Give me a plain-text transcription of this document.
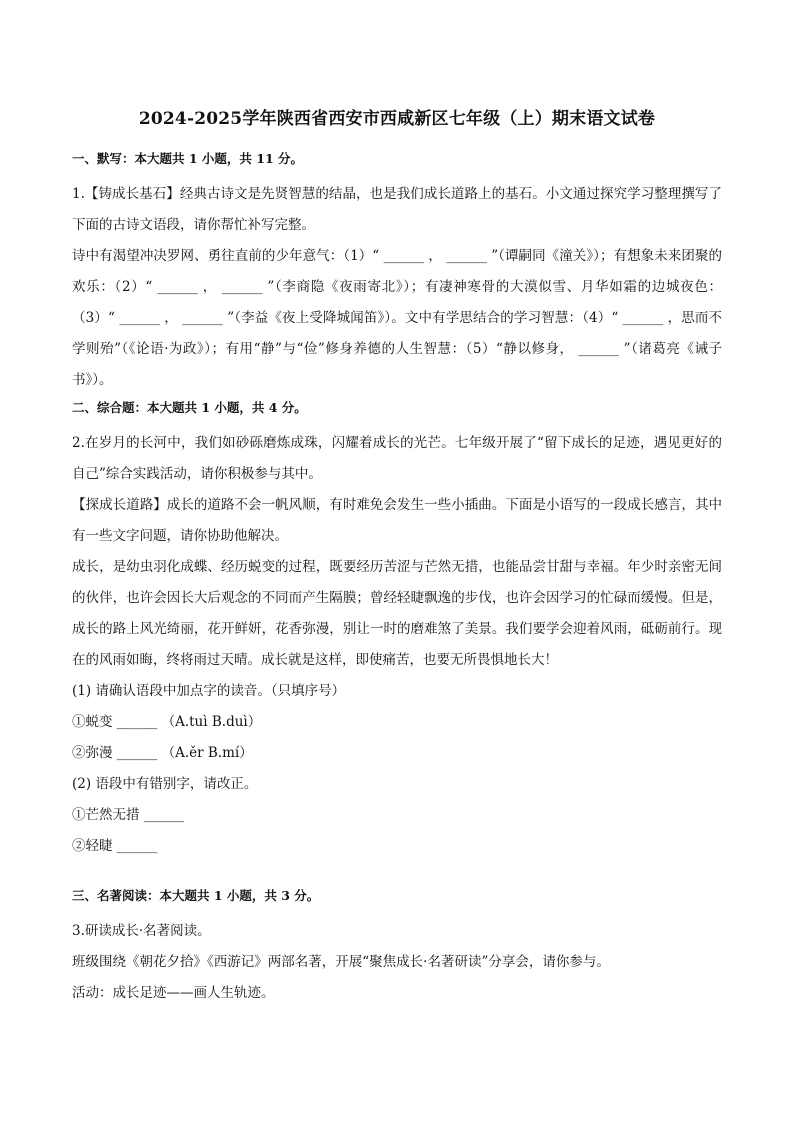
2024-2025学年陕西省西安市西咸新区七年级（上）期末语文试卷

一、默写：本大题共 1 小题，共 11 分。

1.【铸成长基石】经典古诗文是先贤智慧的结晶，也是我们成长道路上的基石。小文通过探究学习整理撰写了下面的古诗文语段，请你帮忙补写完整。

诗中有渴望冲决罗网、勇往直前的少年意气：（1）“ ______ ， ______ ”（谭嗣同《潼关》）；有想象未来团聚的欢乐：（2）“ ______ ， ______ ”（李商隐《夜雨寄北》）；有凄神寒骨的大漠似雪、月华如霜的边城夜色：（3）“ ______ ， ______ ”（李益《夜上受降城闻笛》）。文中有学思结合的学习智慧：（4）“ ______ ，思而不学则殆”（《论语·为政》）；有用“静”与“俭”修身养德的人生智慧：（5）“静以修身， ______ ”（诸葛亮《诫子书》）。

二、综合题：本大题共 1 小题，共 4 分。

2.在岁月的长河中，我们如砂砾磨炼成珠，闪耀着成长的光芒。七年级开展了“留下成长的足迹，遇见更好的自己”综合实践活动，请你积极参与其中。

【探成长道路】成长的道路不会一帆风顺，有时难免会发生一些小插曲。下面是小语写的一段成长感言，其中有一些文字问题，请你协助他解决。

成长，是幼虫羽化成蝶、经历蜕变的过程，既要经历苦涩与芒然无措，也能品尝甘甜与幸福。年少时亲密无间的伙伴，也许会因长大后观念的不同而产生隔膜；曾经轻睫飘逸的步伐，也许会因学习的忙碌而缓慢。但是，成长的路上风光绮丽，花开鲜妍，花香弥漫，别让一时的磨难煞了美景。我们要学会迎着风雨，砥砺前行。现在的风雨如晦，终将雨过天晴。成长就是这样，即使痛苦，也要无所畏惧地长大！

(1) 请确认语段中加点字的读音。（只填序号）

①蜕变 ______ （A.tuì B.duì）

②弥漫 ______ （A.ěr B.mí）

(2) 语段中有错别字，请改正。

①芒然无措 ______

②轻睫 ______

三、名著阅读：本大题共 1 小题，共 3 分。

3.研读成长·名著阅读。

班级围绕《朝花夕拾》《西游记》两部名著，开展“聚焦成长·名著研读”分享会，请你参与。

活动：成长足迹——画人生轨迹。
